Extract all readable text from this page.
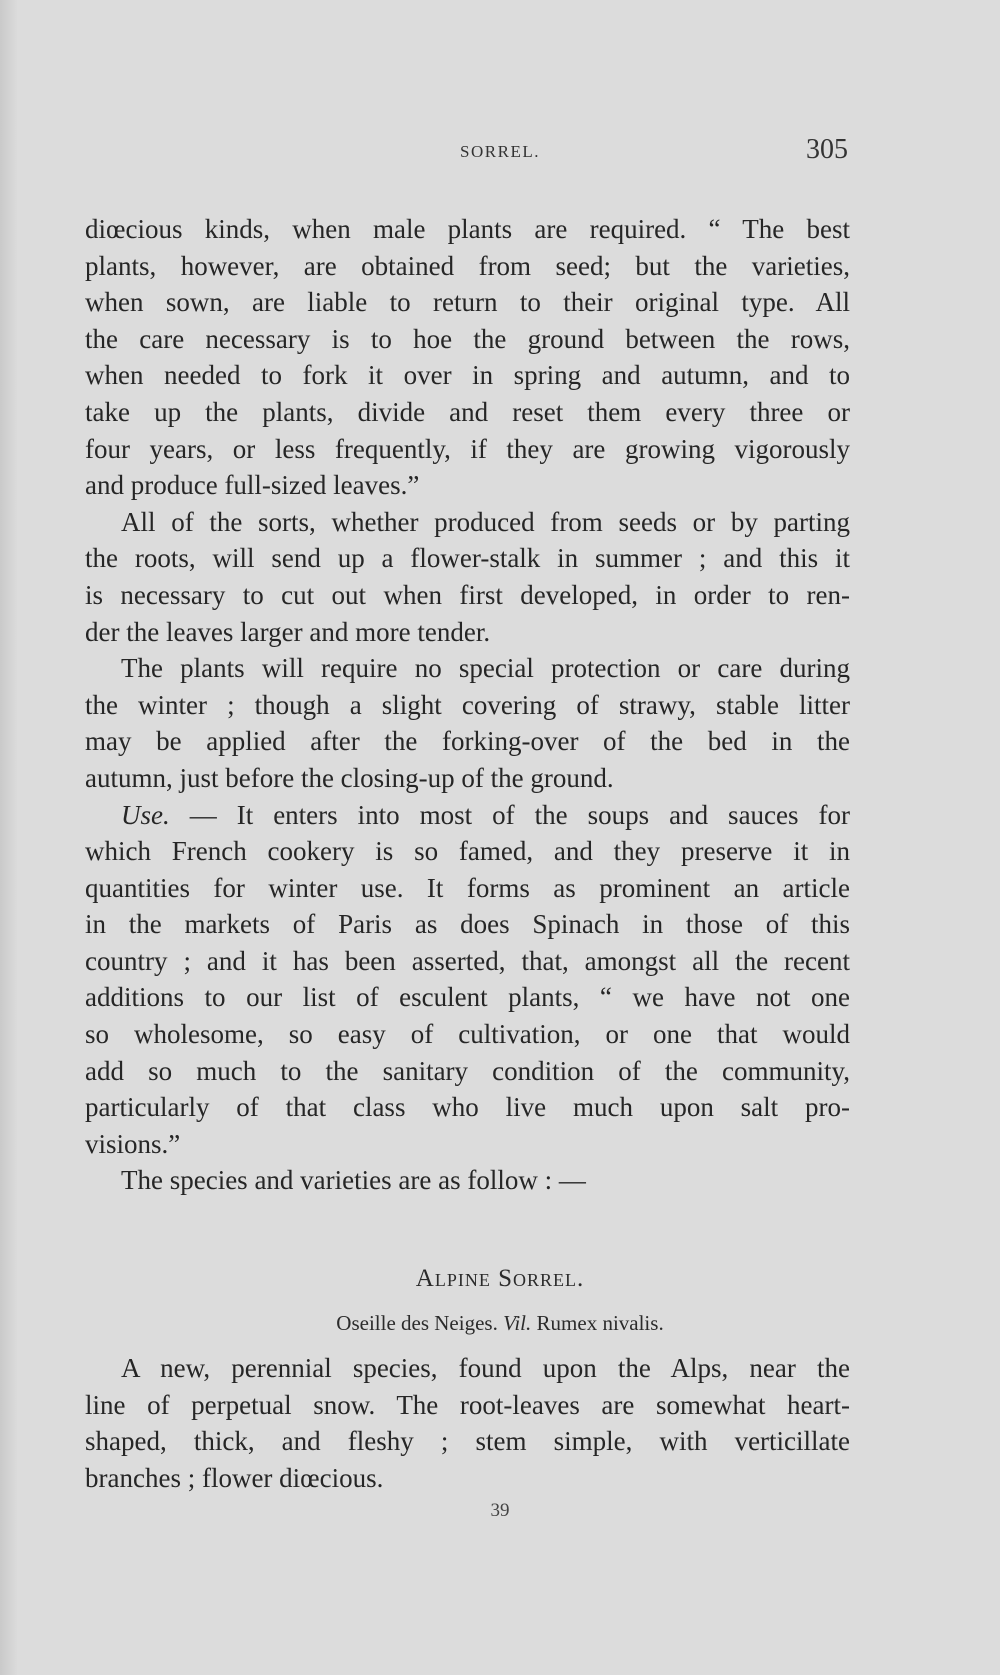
SORREL.	305
diœcious kinds, when male plants are required. “ The best
plants, however, are obtained from seed; but the varieties,
when sown, are liable to return to their original type. All
the care necessary is to hoe the ground between the rows,
when needed to fork it over in spring and autumn, and to
take up the plants, divide and reset them every three or
four years, or less frequently, if they are growing vigorously
and produce full-sized leaves.”
All of the sorts, whether produced from seeds or by parting
the roots, will send up a flower-stalk in summer ; and this it
is necessary to cut out when first developed, in order to ren-
der the leaves larger and more tender.
The plants will require no special protection or care during
the winter ; though a slight covering of strawy, stable litter
may be applied after the forking-over of the bed in the
autumn, just before the closing-up of the ground.
Use. — It enters into most of the soups and sauces for
which French cookery is so famed, and they preserve it in
quantities for winter use. It forms as prominent an article
in the markets of Paris as does Spinach in those of this
country ; and it has been asserted, that, amongst all the recent
additions to our list of esculent plants, “ we have not one
so wholesome, so easy of cultivation, or one that would
add so much to the sanitary condition of the community,
particularly of that class who live much upon salt pro-
visions.”
The species and varieties are as follow : —
Alpine Sorrel.
Oseille des Neiges. Vil. Rumex nivalis.
A new, perennial species, found upon the Alps, near the
line of perpetual snow. The root-leaves are somewhat heart-
shaped, thick, and fleshy ; stem simple, with verticillate
branches ; flower diœcious.
39
